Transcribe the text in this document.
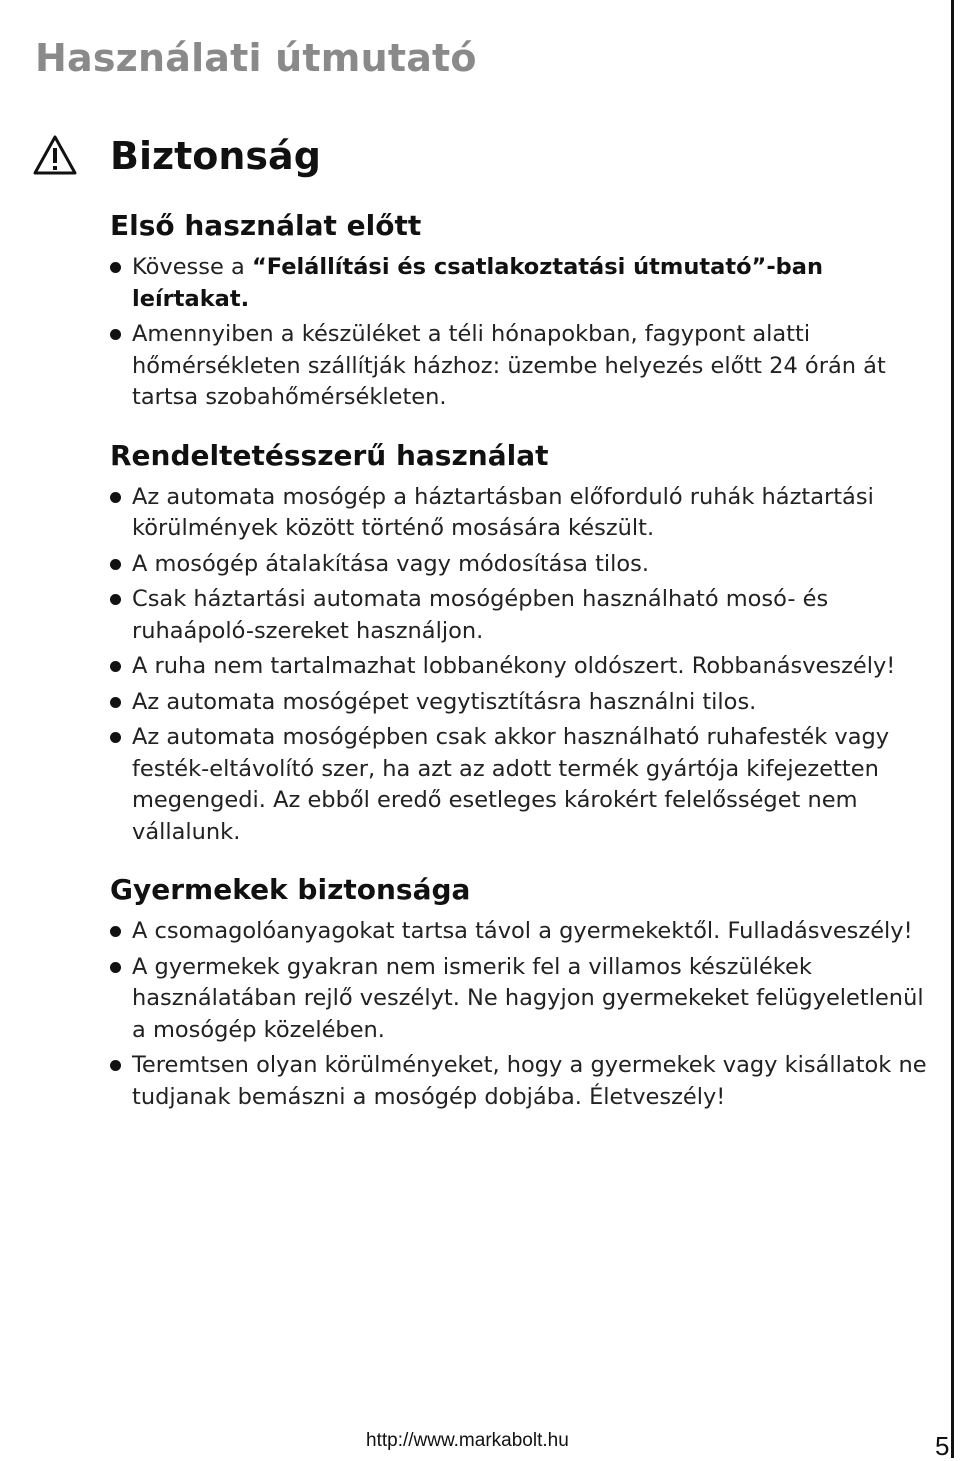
Használati útmutató
Biztonság
Első használat előtt
Kövesse a “Felállítási és csatlakoztatási útmutató”-ban leírtakat.
Amennyiben a készüléket a téli hónapokban, fagypont alatti hőmérsékleten szállítják házhoz: üzembe helyezés előtt 24 órán át tartsa szobahőmérsékleten.
Rendeltetésszerű használat
Az automata mosógép a háztartásban előforduló ruhák háztartási körülmények között történő mosására készült.
A mosógép átalakítása vagy módosítása tilos.
Csak háztartási automata mosógépben használható mosó- és ruhaápoló-szereket használjon.
A ruha nem tartalmazhat lobbanékony oldószert. Robbanásveszély!
Az automata mosógépet vegytisztításra használni tilos.
Az automata mosógépben csak akkor használható ruhafesték vagy festék-eltávolító szer, ha azt az adott termék gyártója kifejezetten megengedi. Az ebből eredő esetleges károkért felelősséget nem vállalunk.
Gyermekek biztonsága
A csomagolóanyagokat tartsa távol a gyermekektől. Fulladásveszély!
A gyermekek gyakran nem ismerik fel a villamos készülékek használatában rejlő veszélyt. Ne hagyjon gyermekeket felügyeletlenül a mosógép közelében.
Teremtsen olyan körülményeket, hogy a gyermekek vagy kisállatok ne tudjanak bemászni a mosógép dobjába. Életveszély!
http://www.markabolt.hu	5
